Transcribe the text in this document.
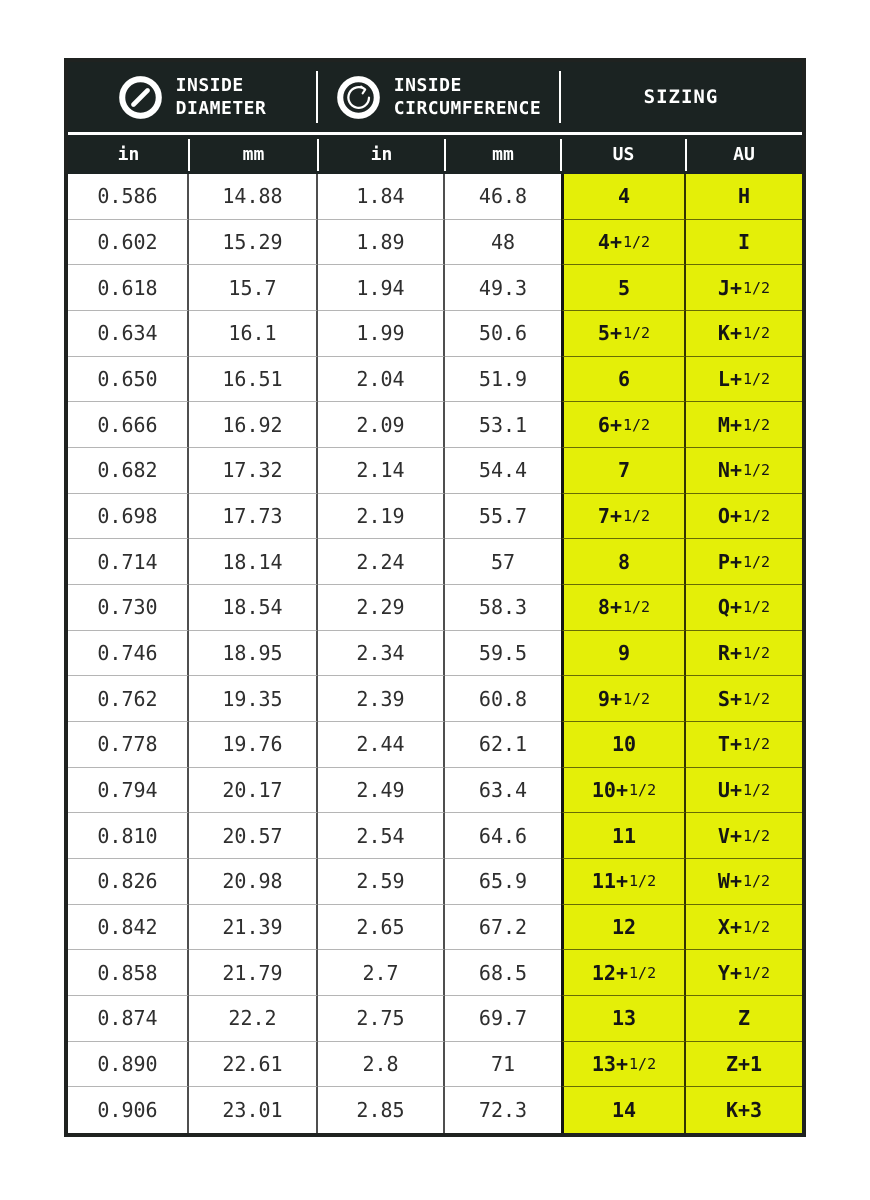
INSIDE
DIAMETER
INSIDE
CIRCUMFERENCE
SIZING
in	mm	in	mm	US	AU
0.586	14.88	1.84	46.8	4	H
0.602	15.29	1.89	48	4+ 1/2	I
0.618	15.7	1.94	49.3	5	J+ 1/2
0.634	16.1	1.99	50.6	5+ 1/2	K+ 1/2
0.650	16.51	2.04	51.9	6	L+ 1/2
0.666	16.92	2.09	53.1	6+ 1/2	M+ 1/2
0.682	17.32	2.14	54.4	7	N+ 1/2
0.698	17.73	2.19	55.7	7+ 1/2	O+ 1/2
0.714	18.14	2.24	57	8	P+ 1/2
0.730	18.54	2.29	58.3	8+ 1/2	Q+ 1/2
0.746	18.95	2.34	59.5	9	R+ 1/2
0.762	19.35	2.39	60.8	9+ 1/2	S+ 1/2
0.778	19.76	2.44	62.1	10	T+ 1/2
0.794	20.17	2.49	63.4	10+ 1/2	U+ 1/2
0.810	20.57	2.54	64.6	11	V+ 1/2
0.826	20.98	2.59	65.9	11+ 1/2	W+ 1/2
0.842	21.39	2.65	67.2	12	X+ 1/2
0.858	21.79	2.7	68.5	12+ 1/2	Y+ 1/2
0.874	22.2	2.75	69.7	13	Z
0.890	22.61	2.8	71	13+ 1/2	Z+1
0.906	23.01	2.85	72.3	14	K+3
